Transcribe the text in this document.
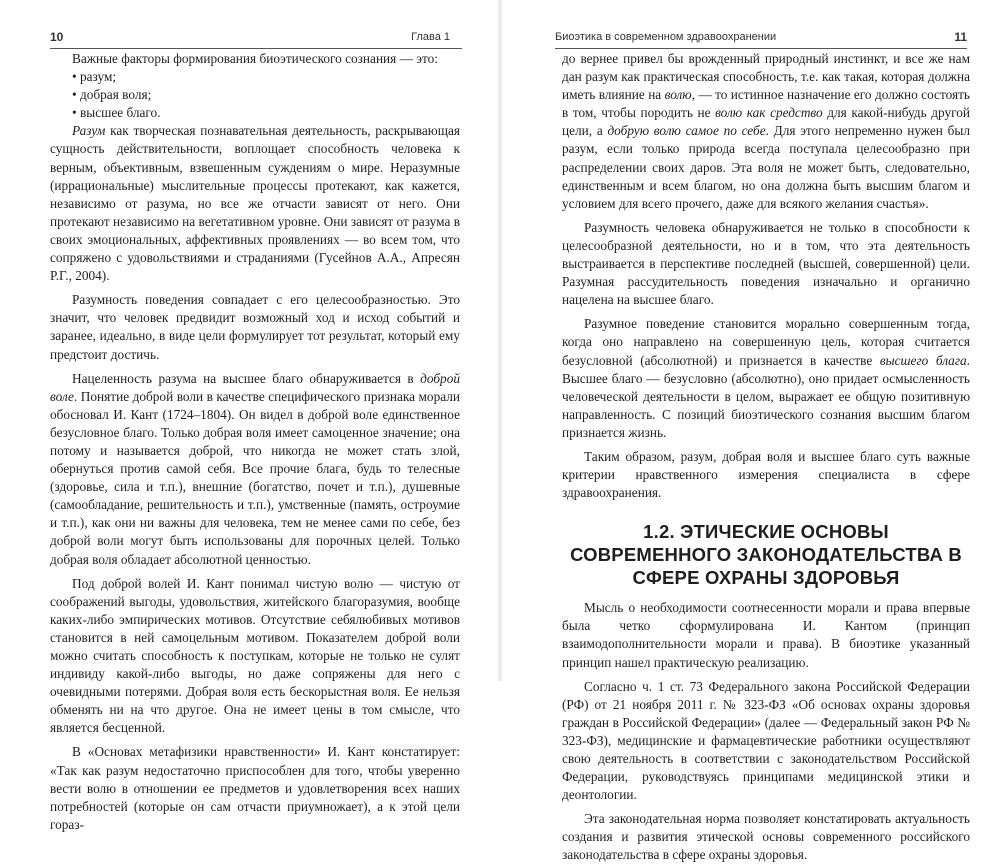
10	Глава 1

Важные факторы формирования биоэтического сознания — это:

• разум;
• добрая воля;
• высшее благо.

Разум как творческая познавательная деятельность, раскрывающая сущность действительности, воплощает способность человека к верным, объективным, взвешенным суждениям о мире. Неразумные (иррациональные) мыслительные процессы протекают, как кажется, независимо от разума, но все же отчасти зависят от него. Они протекают независимо на вегетативном уровне. Они зависят от разума в своих эмоциональных, аффективных проявлениях — во всем том, что сопряжено с удовольствиями и страданиями (Гусейнов А.А., Апресян Р.Г., 2004).

Разумность поведения совпадает с его целесообразностью. Это значит, что человек предвидит возможный ход и исход событий и заранее, идеально, в виде цели формулирует тот результат, который ему предстоит достичь.

Нацеленность разума на высшее благо обнаруживается в доброй воле. Понятие доброй воли в качестве специфического признака морали обосновал И. Кант (1724–1804). Он видел в доброй воле единственное безусловное благо. Только добрая воля имеет самоценное значение; она потому и называется доброй, что никогда не может стать злой, обернуться против самой себя. Все прочие блага, будь то телесные (здоровье, сила и т.п.), внешние (богатство, почет и т.п.), душевные (самообладание, решительность и т.п.), умственные (память, остроумие и т.п.), как они ни важны для человека, тем не менее сами по себе, без доброй воли могут быть использованы для порочных целей. Только добрая воля обладает абсолютной ценностью.

Под доброй волей И. Кант понимал чистую волю — чистую от соображений выгоды, удовольствия, житейского благоразумия, вообще каких-либо эмпирических мотивов. Отсутствие себялюбивых мотивов становится в ней самоцельным мотивом. Показателем доброй воли можно считать способность к поступкам, которые не только не сулят индивиду какой-либо выгоды, но даже сопряжены для него с очевидными потерями. Добрая воля есть бескорыстная воля. Ее нельзя обменять ни на что другое. Она не имеет цены в том смысле, что является бесценной.

В «Основах метафизики нравственности» И. Кант констатирует: «Так как разум недостаточно приспособлен для того, чтобы уверенно вести волю в отношении ее предметов и удовлетворения всех наших потребностей (которые он сам отчасти приумножает), а к этой цели гораз-

Биоэтика в современном здравоохранении	11

до вернее привел бы врожденный природный инстинкт, и все же нам дан разум как практическая способность, т.е. как такая, которая должна иметь влияние на волю, — то истинное назначение его должно состоять в том, чтобы породить не волю как средство для какой-нибудь другой цели, а добрую волю самое по себе. Для этого непременно нужен был разум, если только природа всегда поступала целесообразно при распределении своих даров. Эта воля не может быть, следовательно, единственным и всем благом, но она должна быть высшим благом и условием для всего прочего, даже для всякого желания счастья».

Разумность человека обнаруживается не только в способности к целесообразной деятельности, но и в том, что эта деятельность выстраивается в перспективе последней (высшей, совершенной) цели. Разумная рассудительность поведения изначально и органично нацелена на высшее благо.

Разумное поведение становится морально совершенным тогда, когда оно направлено на совершенную цель, которая считается безусловной (абсолютной) и признается в качестве высшего блага. Высшее благо — безусловно (абсолютно), оно придает осмысленность человеческой деятельности в целом, выражает ее общую позитивную направленность. С позиций биоэтического сознания высшим благом признается жизнь.

Таким образом, разум, добрая воля и высшее благо суть важные критерии нравственного измерения специалиста в сфере здравоохранения.

1.2. ЭТИЧЕСКИЕ ОСНОВЫ СОВРЕМЕННОГО ЗАКОНОДАТЕЛЬСТВА В СФЕРЕ ОХРАНЫ ЗДОРОВЬЯ

Мысль о необходимости соотнесенности морали и права впервые была четко сформулирована И. Кантом (принцип взаимодополнительности морали и права). В биоэтике указанный принцип нашел практическую реализацию.

Согласно ч. 1 ст. 73 Федерального закона Российской Федерации (РФ) от 21 ноября 2011 г. № 323-ФЗ «Об основах охраны здоровья граждан в Российской Федерации» (далее — Федеральный закон РФ № 323-ФЗ), медицинские и фармацевтические работники осуществляют свою деятельность в соответствии с законодательством Российской Федерации, руководствуясь принципами медицинской этики и деонтологии.

Эта законодательная норма позволяет констатировать актуальность создания и развития этической основы современного российского законодательства в сфере охраны здоровья.
